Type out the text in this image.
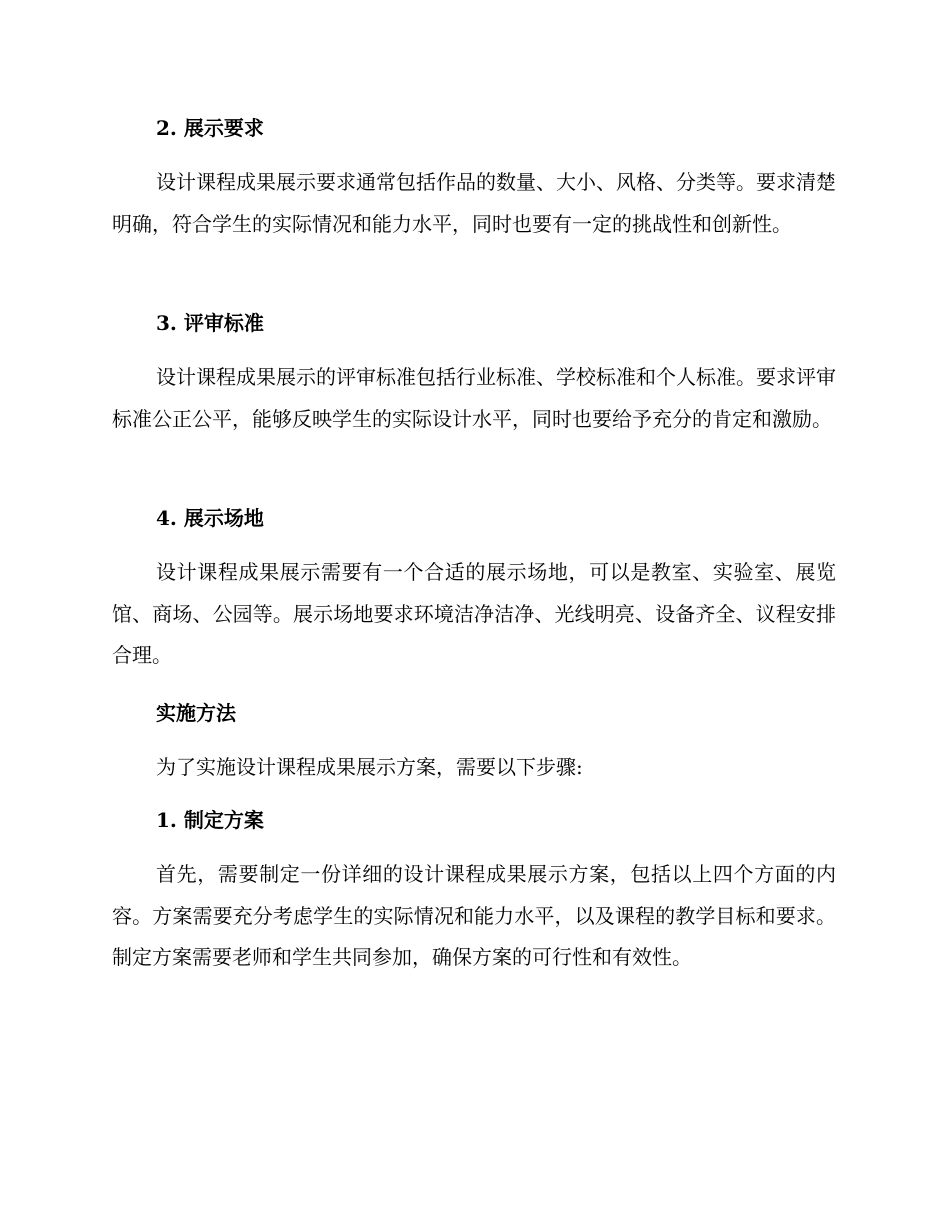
2. 展示要求
设计课程成果展示要求通常包括作品的数量、大小、风格、分类等。要求清楚明确，符合学生的实际情况和能力水平，同时也要有一定的挑战性和创新性。
3. 评审标准
设计课程成果展示的评审标准包括行业标准、学校标准和个人标准。要求评审标准公正公平，能够反映学生的实际设计水平，同时也要给予充分的肯定和激励。
4. 展示场地
设计课程成果展示需要有一个合适的展示场地，可以是教室、实验室、展览馆、商场、公园等。展示场地要求环境洁净洁净、光线明亮、设备齐全、议程安排合理。
实施方法
为了实施设计课程成果展示方案，需要以下步骤:
1. 制定方案
首先，需要制定一份详细的设计课程成果展示方案，包括以上四个方面的内容。方案需要充分考虑学生的实际情况和能力水平，以及课程的教学目标和要求。制定方案需要老师和学生共同参加，确保方案的可行性和有效性。
